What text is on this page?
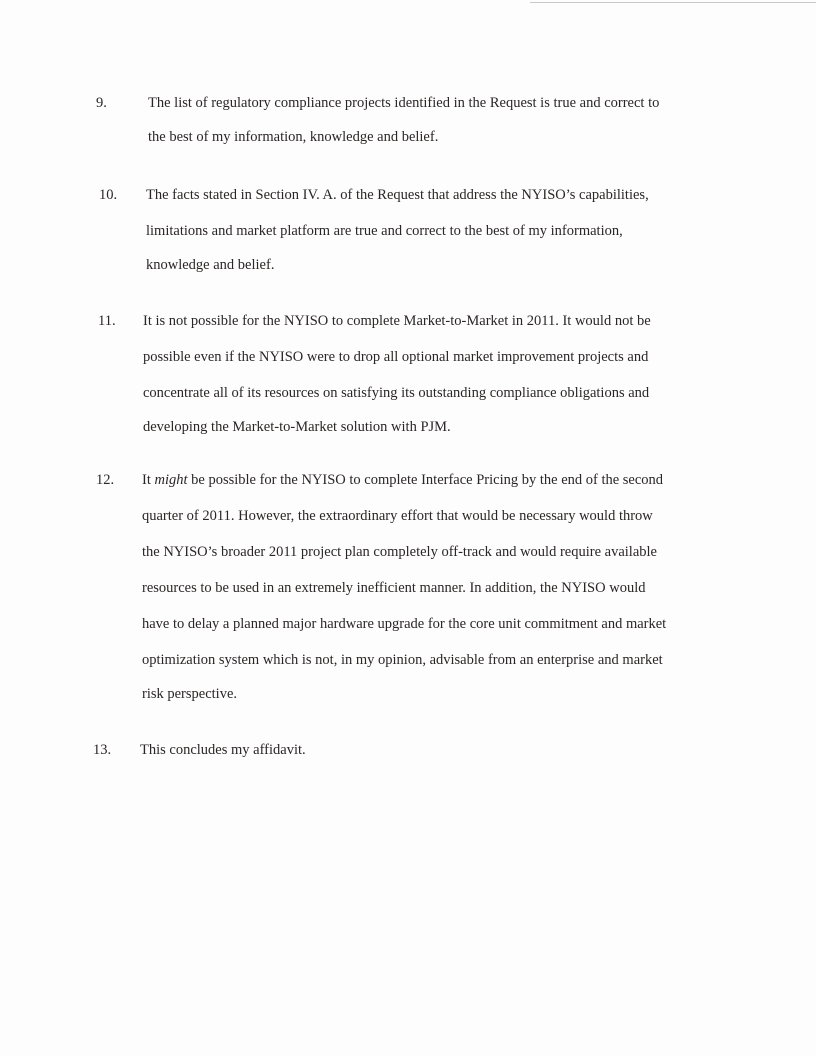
9.	The list of regulatory compliance projects identified in the Request is true and correct to
the best of my information, knowledge and belief.
10.	The facts stated in Section IV. A. of the Request that address the NYISO’s capabilities,
limitations and market platform are true and correct to the best of my information,
knowledge and belief.
11.	It is not possible for the NYISO to complete Market-to-Market in 2011. It would not be
possible even if the NYISO were to drop all optional market improvement projects and
concentrate all of its resources on satisfying its outstanding compliance obligations and
developing the Market-to-Market solution with PJM.
12.	It might be possible for the NYISO to complete Interface Pricing by the end of the second
quarter of 2011. However, the extraordinary effort that would be necessary would throw
the NYISO’s broader 2011 project plan completely off-track and would require available
resources to be used in an extremely inefficient manner. In addition, the NYISO would
have to delay a planned major hardware upgrade for the core unit commitment and market
optimization system which is not, in my opinion, advisable from an enterprise and market
risk perspective.
13.	This concludes my affidavit.
